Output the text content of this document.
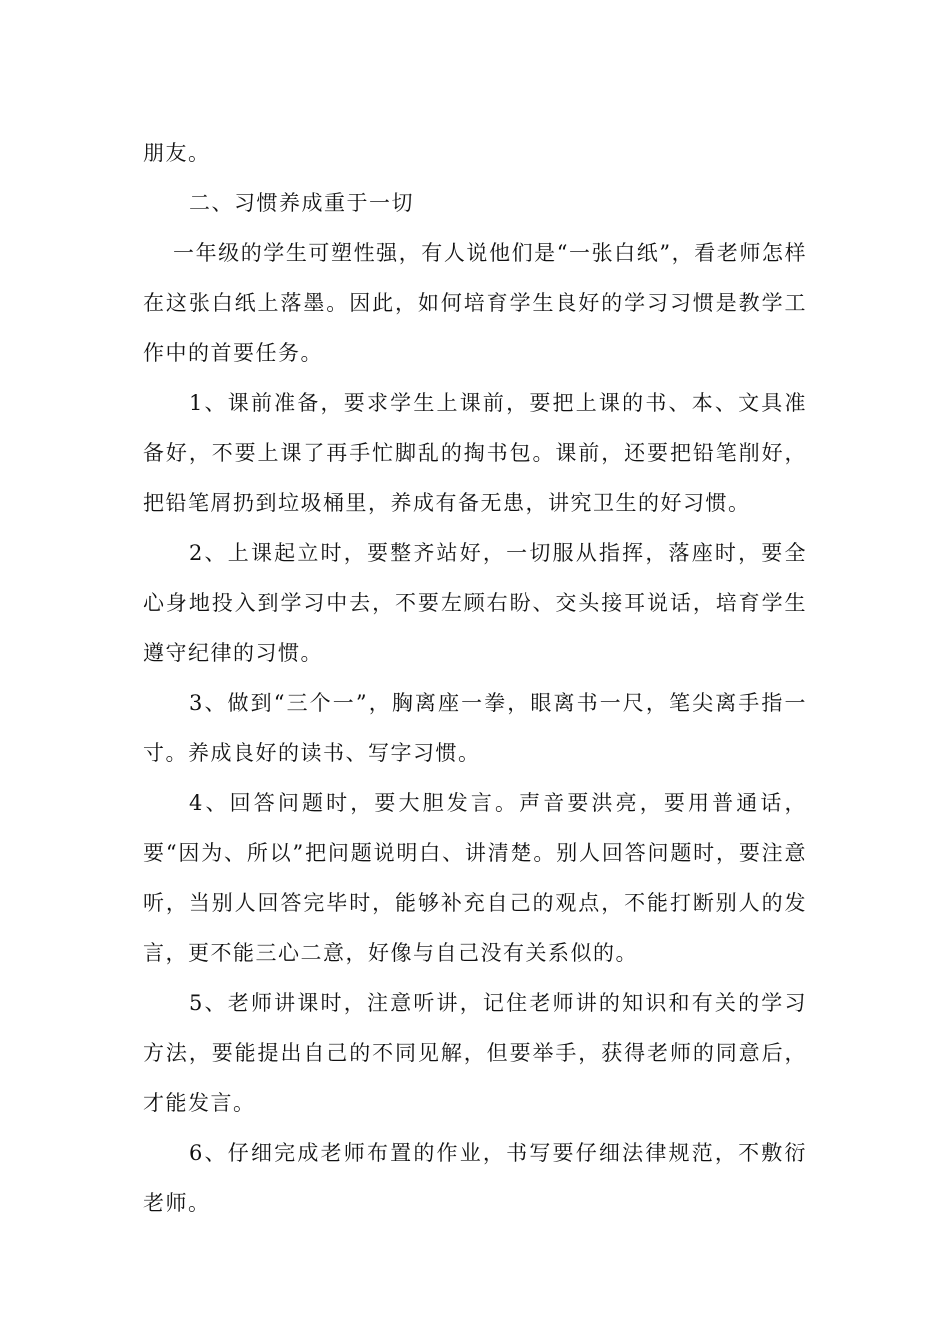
朋友。

二、习惯养成重于一切

一年级的学生可塑性强，有人说他们是“一张白纸”，看老师怎样在这张白纸上落墨。因此，如何培育学生良好的学习习惯是教学工作中的首要任务。

1、课前准备，要求学生上课前，要把上课的书、本、文具准备好，不要上课了再手忙脚乱的掏书包。课前，还要把铅笔削好，把铅笔屑扔到垃圾桶里，养成有备无患，讲究卫生的好习惯。

2、上课起立时，要整齐站好，一切服从指挥，落座时，要全心身地投入到学习中去，不要左顾右盼、交头接耳说话，培育学生遵守纪律的习惯。

3、做到“三个一”，胸离座一拳，眼离书一尺，笔尖离手指一寸。养成良好的读书、写字习惯。

4、回答问题时，要大胆发言。声音要洪亮，要用普通话，要“因为、所以”把问题说明白、讲清楚。别人回答问题时，要注意听，当别人回答完毕时，能够补充自己的观点，不能打断别人的发言，更不能三心二意，好像与自己没有关系似的。

5、老师讲课时，注意听讲，记住老师讲的知识和有关的学习方法，要能提出自己的不同见解，但要举手，获得老师的同意后，才能发言。

6、仔细完成老师布置的作业，书写要仔细法律规范，不敷衍老师。
